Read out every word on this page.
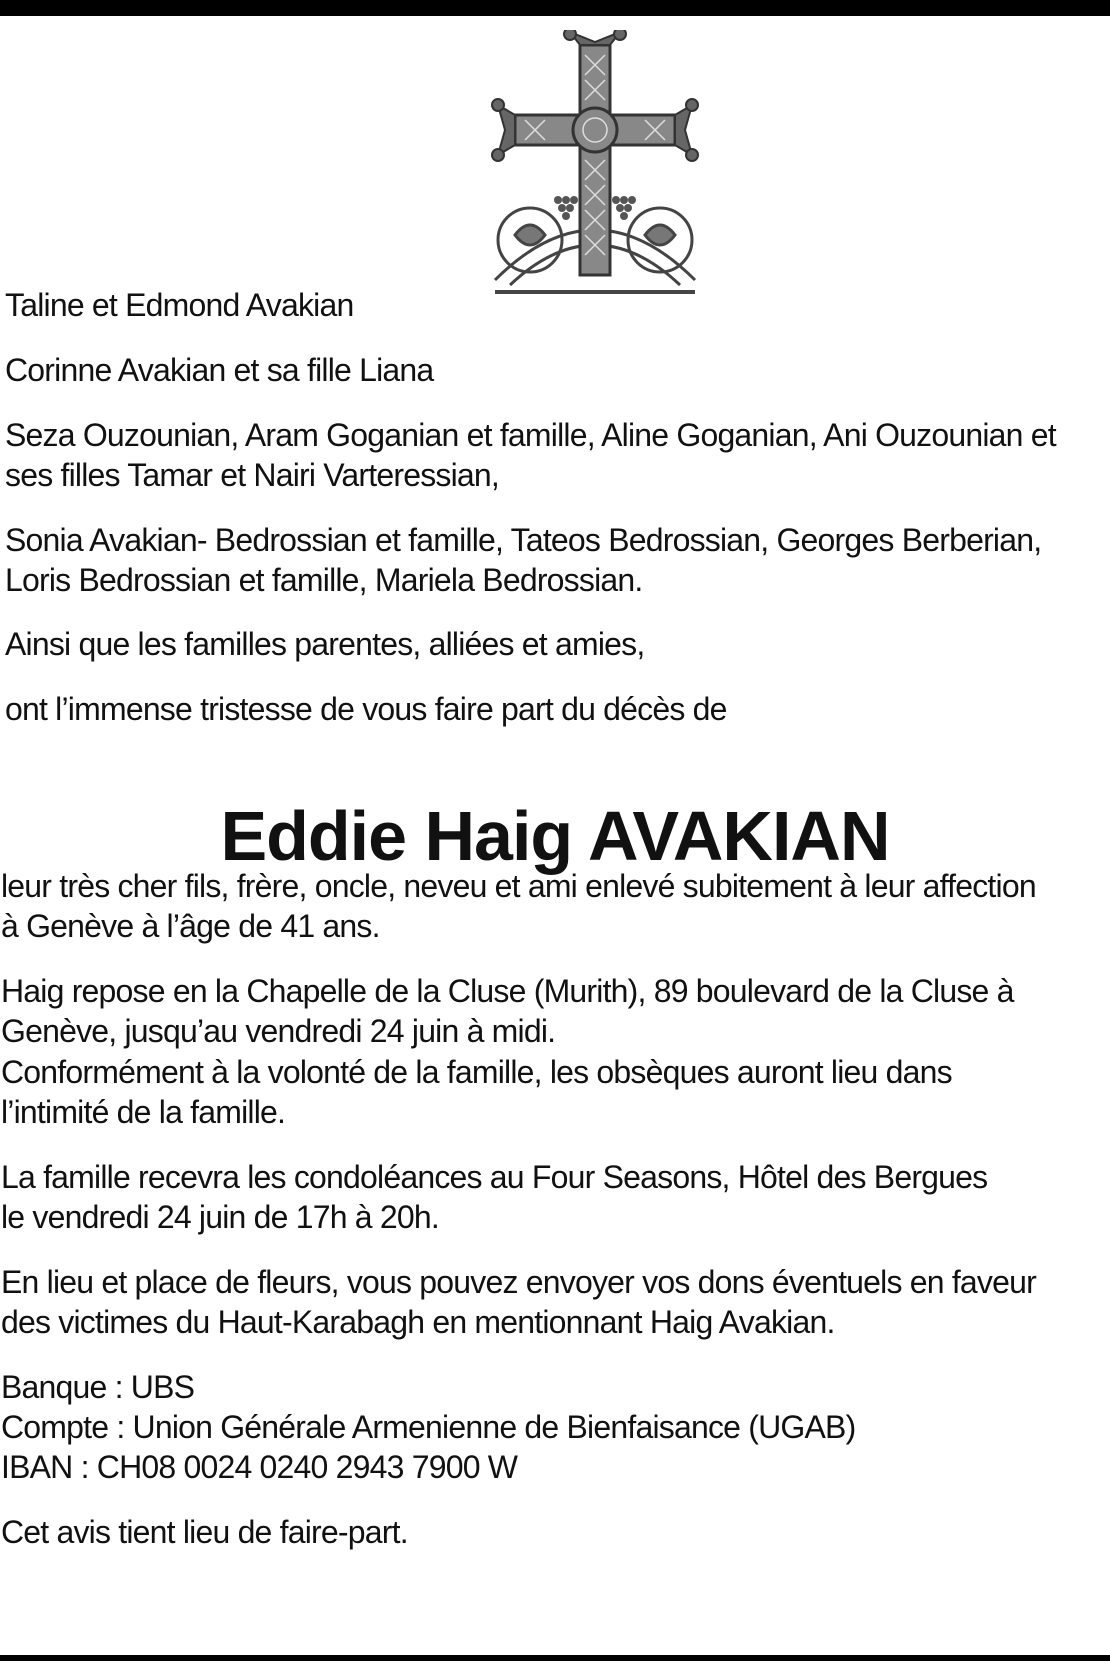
Taline et Edmond Avakian
Corinne Avakian et sa fille Liana
Seza Ouzounian, Aram Goganian et famille, Aline Goganian, Ani Ouzounian et
ses filles Tamar et Nairi Varteressian,
Sonia Avakian- Bedrossian et famille, Tateos Bedrossian, Georges Berberian,
Loris Bedrossian et famille, Mariela Bedrossian.
Ainsi que les familles parentes, alliées et amies,
ont l’immense tristesse de vous faire part du décès de
Eddie Haig AVAKIAN
leur très cher fils, frère, oncle, neveu et ami enlevé subitement à leur affection
à Genève à l’âge de 41 ans.
Haig repose en la Chapelle de la Cluse (Murith), 89 boulevard de la Cluse à
Genève, jusqu’au vendredi 24 juin à midi.
Conformément à la volonté de la famille, les obsèques auront lieu dans
l’intimité de la famille.
La famille recevra les condoléances au Four Seasons, Hôtel des Bergues
le vendredi 24 juin de 17h à 20h.
En lieu et place de fleurs, vous pouvez envoyer vos dons éventuels en faveur
des victimes du Haut-Karabagh en mentionnant Haig Avakian.
Banque : UBS
Compte : Union Générale Armenienne de Bienfaisance (UGAB)
IBAN : CH08 0024 0240 2943 7900 W
Cet avis tient lieu de faire-part.
